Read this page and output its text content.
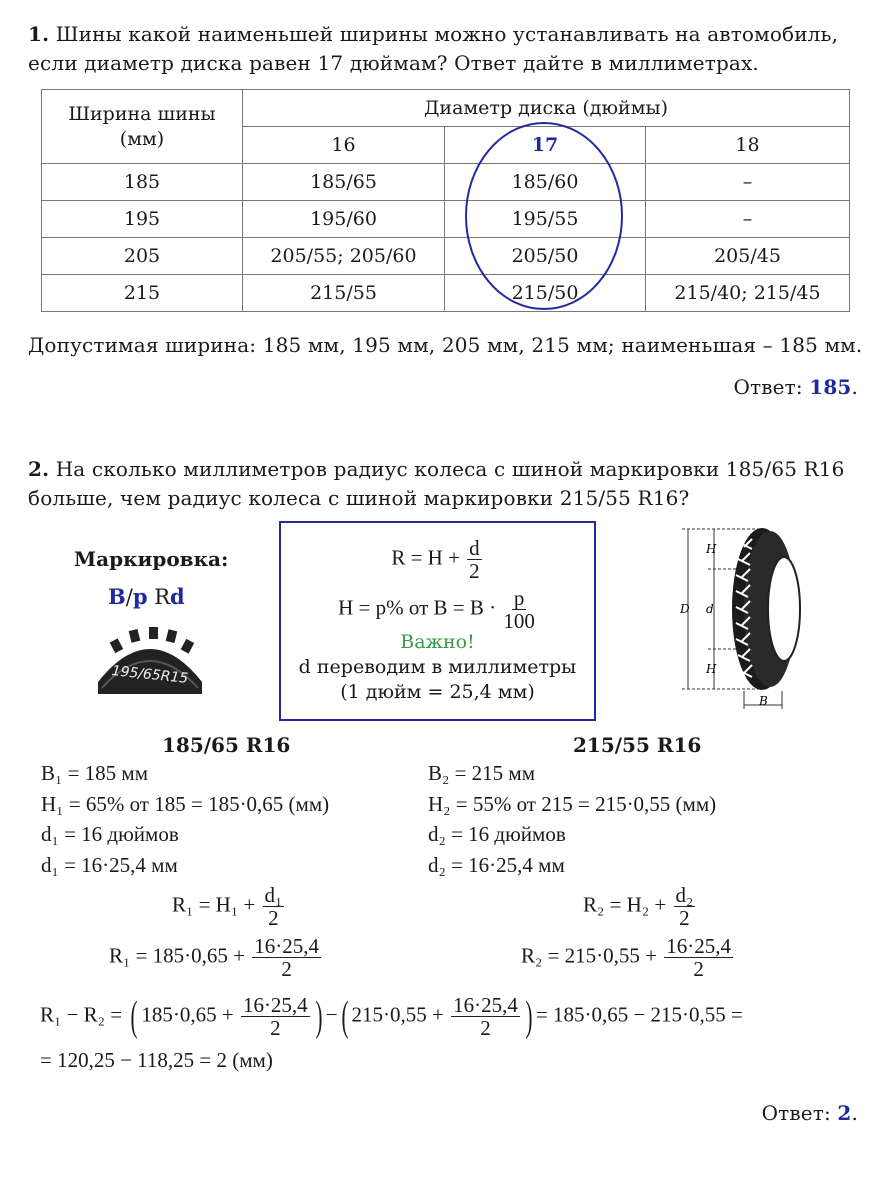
1. Шины какой наименьшей ширины можно устанавливать на автомобиль,
если диаметр диска равен 17 дюймам? Ответ дайте в миллиметрах.
Ширина шины
(мм)	Диаметр диска (дюймы)		
	16	17	18
185	185/65	185/60	–
195	195/60	195/55	–
205	205/55; 205/60	205/50	205/45
215	215/55	215/50	215/40; 215/45
Допустимая ширина: 185 мм, 195 мм, 205 мм, 215 мм; наименьшая – 185 мм.
Ответ: 185.
2. На сколько миллиметров радиус колеса с шиной маркировки 185/65 R16
больше, чем радиус колеса с шиной маркировки 215/55 R16?
Маркировка:
B/p Rd
195/65R15
$R = H + \frac{d}{2}$
H = p% от $B = B \cdot \frac{p}{100}$
Важно!
d переводим в миллиметры
(1 дюйм = 25,4 мм)
D
H
d
H
B
185/65 R16	215/55 R16
B₁ = 185 мм
H₁ = 65% от 185 = 185·0,65 (мм)
d₁ = 16 дюймов
d₁ = 16·25,4 мм
B₂ = 215 мм
H₂ = 55% от 215 = 215·0,55 (мм)
d₂ = 16 дюймов
d₂ = 16·25,4 мм
$R_1 = H_1 + \frac{\text{d₁}}{2}$
$R_1 = 185\cdot 0,65 + \frac{16\cdot 25,4}{2}$
$R_2 = H_2 + \frac{\text{d₂}}{2}$
$R_2 = 215\cdot 0,55 + \frac{16\cdot 25,4}{2}$
R₁ − R₂ = ( $185\cdot 0,65 + \frac{16\cdot 25,4}{2}$ ) −( $215\cdot 0,55 + \frac{16\cdot 25,4}{2}$ ) = 185·0,65 − 215·0,55 =
= 120,25 − 118,25 = 2 (мм)
Ответ: 2.
